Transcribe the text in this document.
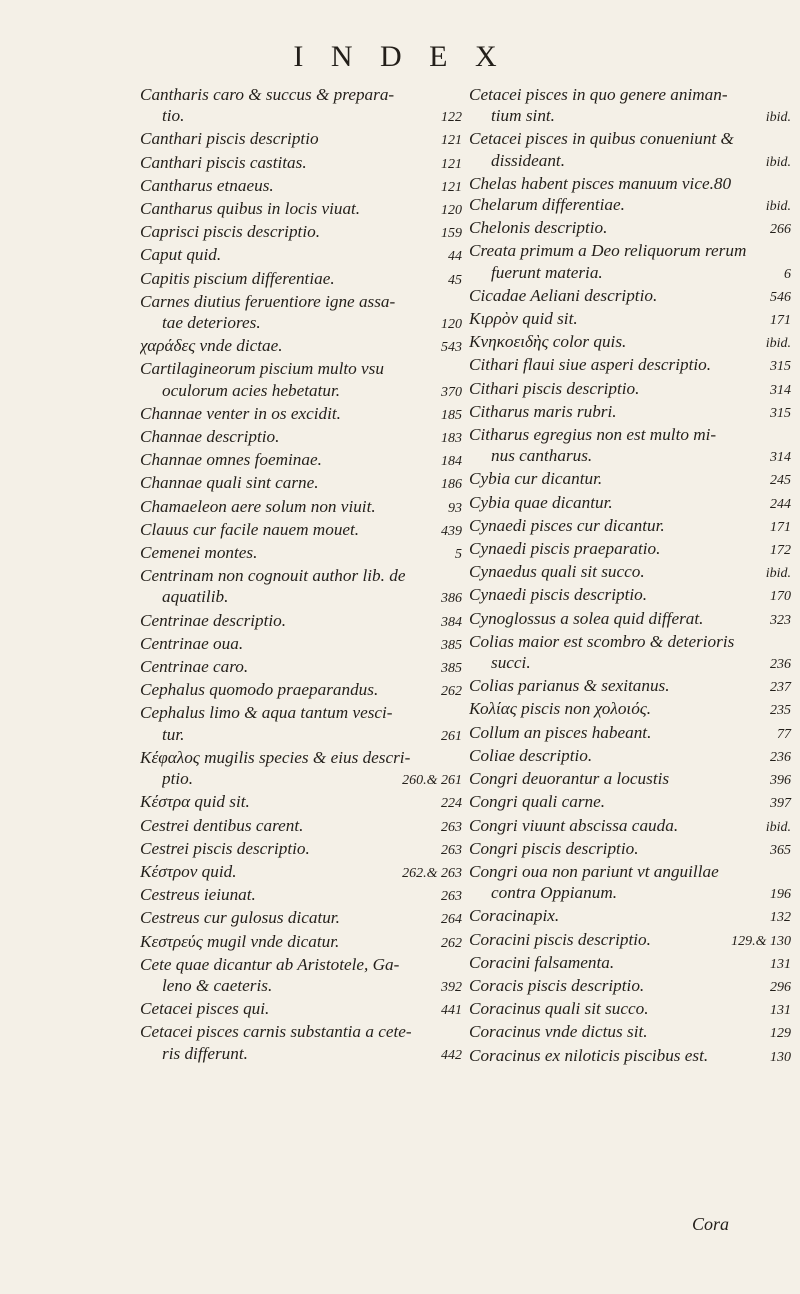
I N D E X
Cantharis caro & succus & prepara-
tio.	122
Canthari piscis descriptio	121
Canthari piscis castitas.	121
Cantharus etnaeus.	121
Cantharus quibus in locis viuat.	120
Caprisci piscis descriptio.	159
Caput quid.	44
Capitis piscium differentiae.	45
Carnes diutius feruentiore igne assa-
tae deteriores.	120
χαράδες vnde dictae.	543
Cartilagineorum piscium multo vsu
oculorum acies hebetatur.	370
Channae venter in os excidit.	185
Channae descriptio.	183
Channae omnes foeminae.	184
Channae quali sint carne.	186
Chamaeleon aere solum non viuit.	93
Clauus cur facile nauem mouet.	439
Cemenei montes.	5
Centrinam non cognouit author lib. de
aquatilib.	386
Centrinae descriptio.	384
Centrinae oua.	385
Centrinae caro.	385
Cephalus quomodo praeparandus.	262
Cephalus limo & aqua tantum vesci-
tur.	261
Κέφαλος mugilis species & eius descri-
ptio.	260.& 261
Κέστρα quid sit.	224
Cestrei dentibus carent.	263
Cestrei piscis descriptio.	263
Κέστρον quid.	262.& 263
Cestreus ieiunat.	263
Cestreus cur gulosus dicatur.	264
Κεστρεύς mugil vnde dicatur.	262
Cete quae dicantur ab Aristotele, Ga-
leno & caeteris.	392
Cetacei pisces qui.	441
Cetacei pisces carnis substantia a cete-
ris differunt.	442
Cetacei pisces in quo genere animan-
tium sint.	ibid.
Cetacei pisces in quibus conueniunt &
dissideant.	ibid.
Chelas habent pisces manuum vice.80
Chelarum differentiae.	ibid.
Chelonis descriptio.	266
Creata primum a Deo reliquorum rerum
fuerunt materia.	6
Cicadae Aeliani descriptio.	546
Κιρρὸν quid sit.	171
Κνηκοειδὴς color quis.	ibid.
Cithari flaui siue asperi descriptio.	315
Cithari piscis descriptio.	314
Citharus maris rubri.	315
Citharus egregius non est multo mi-
nus cantharus.	314
Cybia cur dicantur.	245
Cybia quae dicantur.	244
Cynaedi pisces cur dicantur.	171
Cynaedi piscis praeparatio.	172
Cynaedus quali sit succo.	ibid.
Cynaedi piscis descriptio.	170
Cynoglossus a solea quid differat.	323
Colias maior est scombro & deterioris
succi.	236
Colias parianus & sexitanus.	237
Κολίας piscis non χολοιός.	235
Collum an pisces habeant.	77
Coliae descriptio.	236
Congri deuorantur a locustis	396
Congri quali carne.	397
Congri viuunt abscissa cauda.	ibid.
Congri piscis descriptio.	365
Congri oua non pariunt vt anguillae
contra Oppianum.	196
Coracinapix.	132
Coracini piscis descriptio.	129.& 130
Coracini falsamenta.	131
Coracis piscis descriptio.	296
Coracinus quali sit succo.	131
Coracinus vnde dictus sit.	129
Coracinus ex niloticis piscibus est.	130
Cora
